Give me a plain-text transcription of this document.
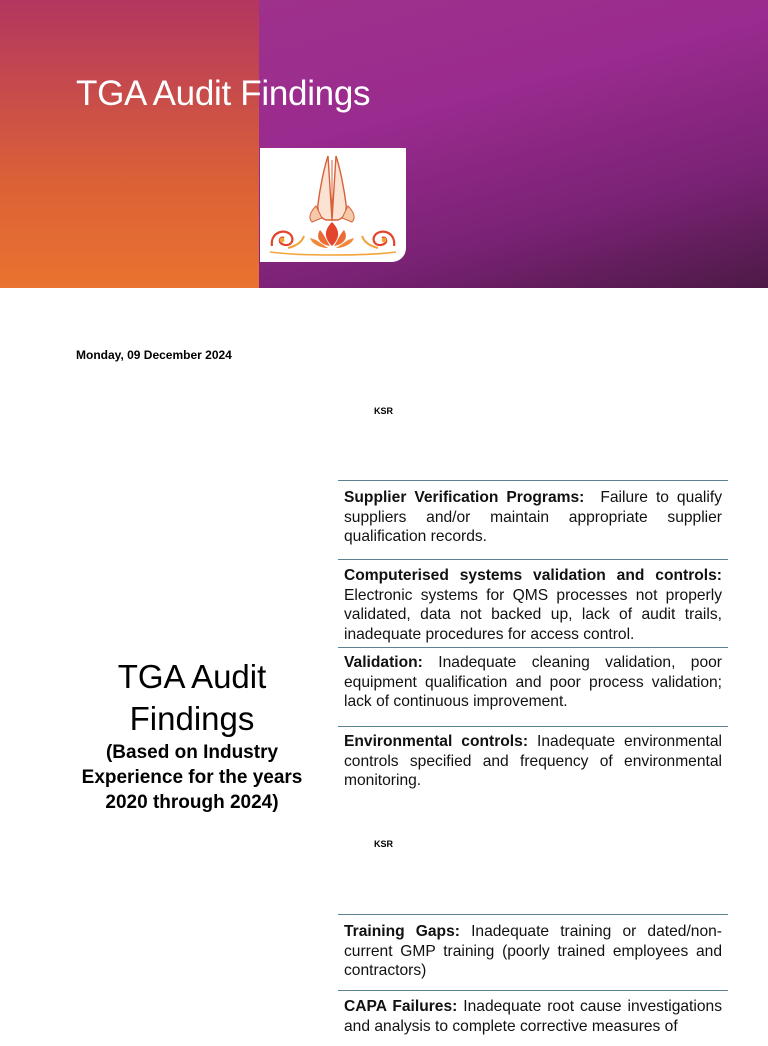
TGA Audit Findings
Monday, 09 December 2024
KSR
TGA Audit Findings
(Based on Industry Experience for the years 2020 through 2024)
Supplier Verification Programs: Failure to qualify suppliers and/or maintain appropriate supplier qualification records.
Computerised systems validation and controls: Electronic systems for QMS processes not properly validated, data not backed up, lack of audit trails, inadequate procedures for access control.
Validation: Inadequate cleaning validation, poor equipment qualification and poor process validation; lack of continuous improvement.
Environmental controls: Inadequate environmental controls specified and frequency of environmental monitoring.
KSR
Training Gaps: Inadequate training or dated/non-current GMP training (poorly trained employees and contractors)
CAPA Failures: Inadequate root cause investigations and analysis to complete corrective measures of
